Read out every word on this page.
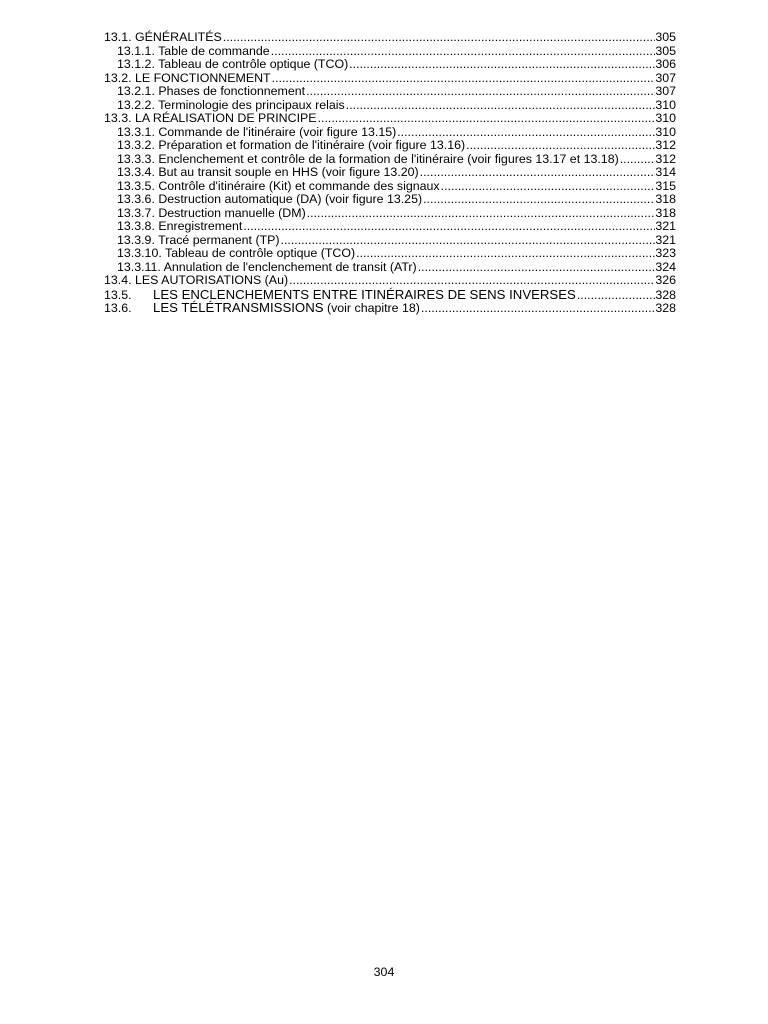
13.1. GÉNÉRALITÉS .....	305
13.1.1. Table de commande .....	305
13.1.2. Tableau de contrôle optique (TCO) .....	306
13.2. LE FONCTIONNEMENT .....	307
13.2.1. Phases de fonctionnement .....	307
13.2.2. Terminologie des principaux relais .....	310
13.3. LA RÉALISATION DE PRINCIPE .....	310
13.3.1. Commande de l'itinéraire (voir figure 13.15) .....	310
13.3.2. Préparation et formation de l'itinéraire (voir figure 13.16) .....	312
13.3.3. Enclenchement et contrôle de la formation de l'itinéraire (voir figures 13.17 et 13.18) .....	312
13.3.4. But au transit souple en HHS (voir figure 13.20) .....	314
13.3.5. Contrôle d'itinéraire (Kit) et commande des signaux .....	315
13.3.6. Destruction automatique (DA) (voir figure 13.25) .....	318
13.3.7. Destruction manuelle (DM) .....	318
13.3.8. Enregistrement .....	321
13.3.9. Tracé permanent (TP) .....	321
13.3.10. Tableau de contrôle optique (TCO) .....	323
13.3.11. Annulation de l'enclenchement de transit (ATr) .....	324
13.4. LES AUTORISATIONS (Au) .....	326
13.5. LES ENCLENCHEMENTS ENTRE ITINÉRAIRES DE SENS INVERSES .....	328
13.6. LES TÉLÉTRANSMISSIONS (voir chapitre 18) .....	328
304
